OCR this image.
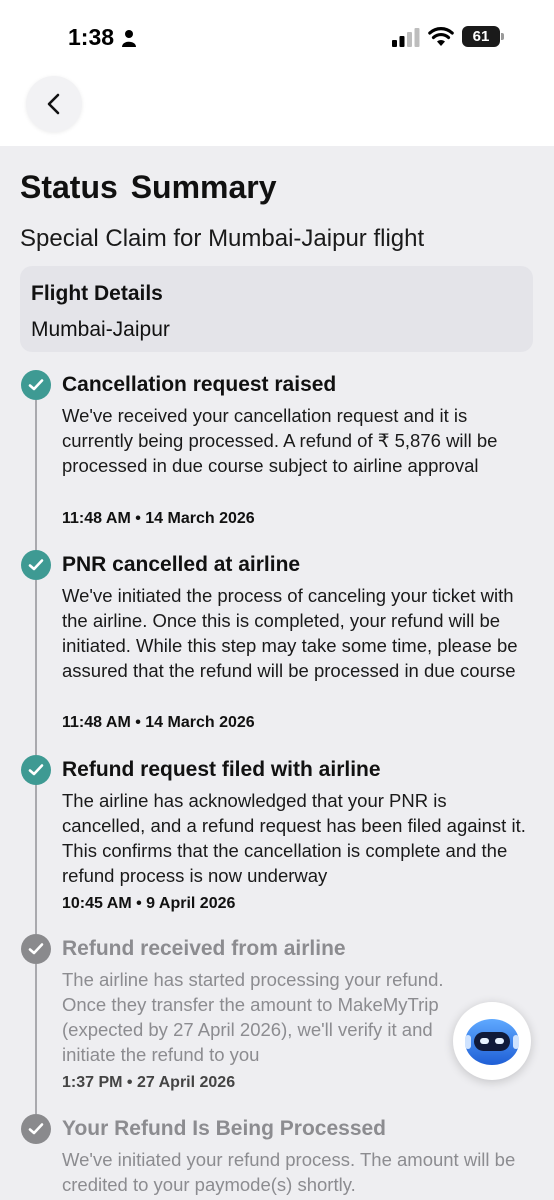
1:38	61
Status Summary
Special Claim for Mumbai-Jaipur flight
Flight Details
Mumbai-Jaipur
Cancellation request raised
We've received your cancellation request and it is currently being processed. A refund of ₹ 5,876 will be processed in due course subject to airline approval
11:48 AM • 14 March 2026
PNR cancelled at airline
We've initiated the process of canceling your ticket with the airline. Once this is completed, your refund will be initiated. While this step may take some time, please be assured that the refund will be processed in due course
11:48 AM • 14 March 2026
Refund request filed with airline
The airline has acknowledged that your PNR is cancelled, and a refund request has been filed against it. This confirms that the cancellation is complete and the refund process is now underway
10:45 AM • 9 April 2026
Refund received from airline
The airline has started processing your refund. Once they transfer the amount to MakeMyTrip (expected by 27 April 2026), we'll verify it and initiate the refund to you
1:37 PM • 27 April 2026
Your Refund Is Being Processed
We've initiated your refund process. The amount will be credited to your paymode(s) shortly.
